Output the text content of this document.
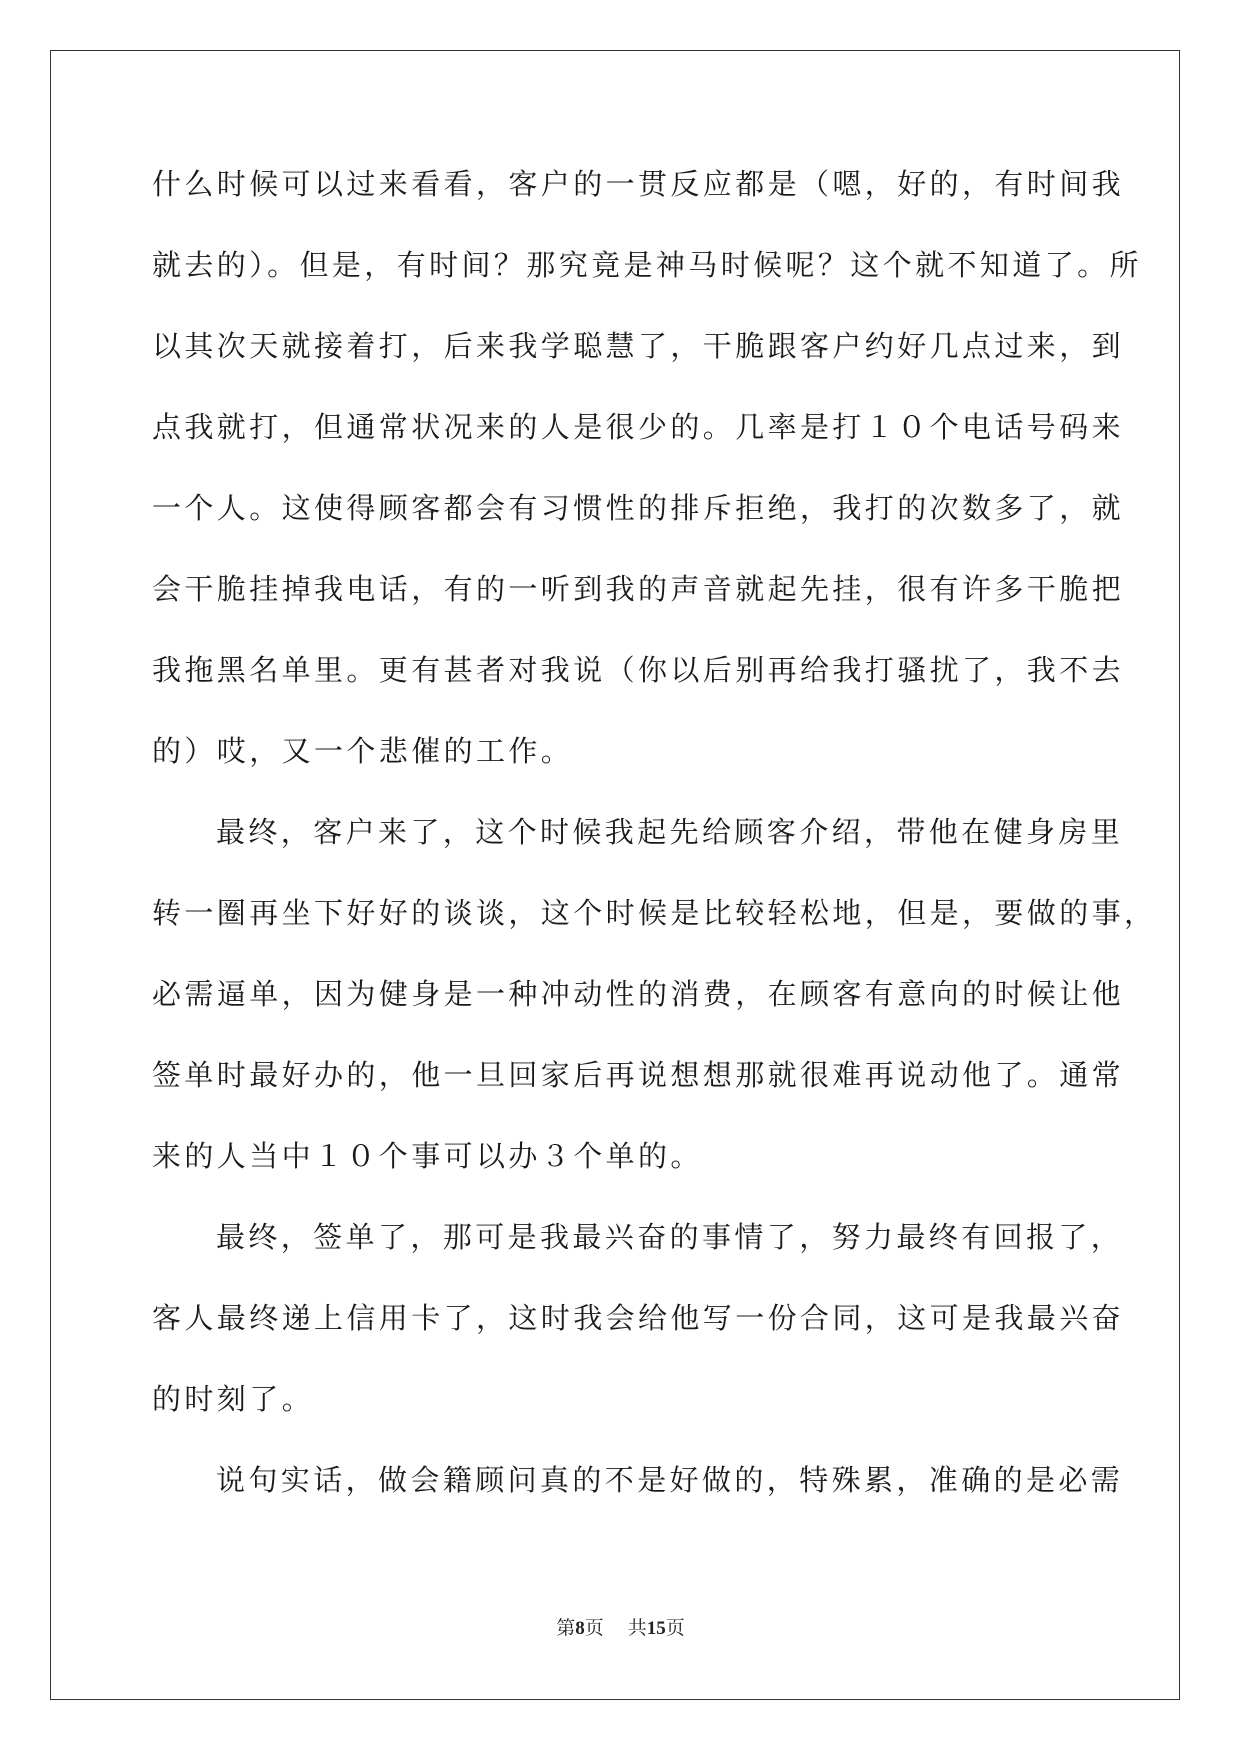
什么时候可以过来看看，客户的一贯反应都是（嗯，好的，有时间我
就去的）。但是，有时间？那究竟是神马时候呢？这个就不知道了。所
以其次天就接着打，后来我学聪慧了，干脆跟客户约好几点过来，到
点我就打，但通常状况来的人是很少的。几率是打１０个电话号码来
一个人。这使得顾客都会有习惯性的排斥拒绝，我打的次数多了，就
会干脆挂掉我电话，有的一听到我的声音就起先挂，很有许多干脆把
我拖黑名单里。更有甚者对我说（你以后别再给我打骚扰了，我不去
的）哎，又一个悲催的工作。
最终，客户来了，这个时候我起先给顾客介绍，带他在健身房里
转一圈再坐下好好的谈谈，这个时候是比较轻松地，但是，要做的事，
必需逼单，因为健身是一种冲动性的消费，在顾客有意向的时候让他
签单时最好办的，他一旦回家后再说想想那就很难再说动他了。通常
来的人当中１０个事可以办３个单的。
最终，签单了，那可是我最兴奋的事情了，努力最终有回报了，
客人最终递上信用卡了，这时我会给他写一份合同，这可是我最兴奋
的时刻了。
说句实话，做会籍顾问真的不是好做的，特殊累，准确的是必需
第8页 共15页
